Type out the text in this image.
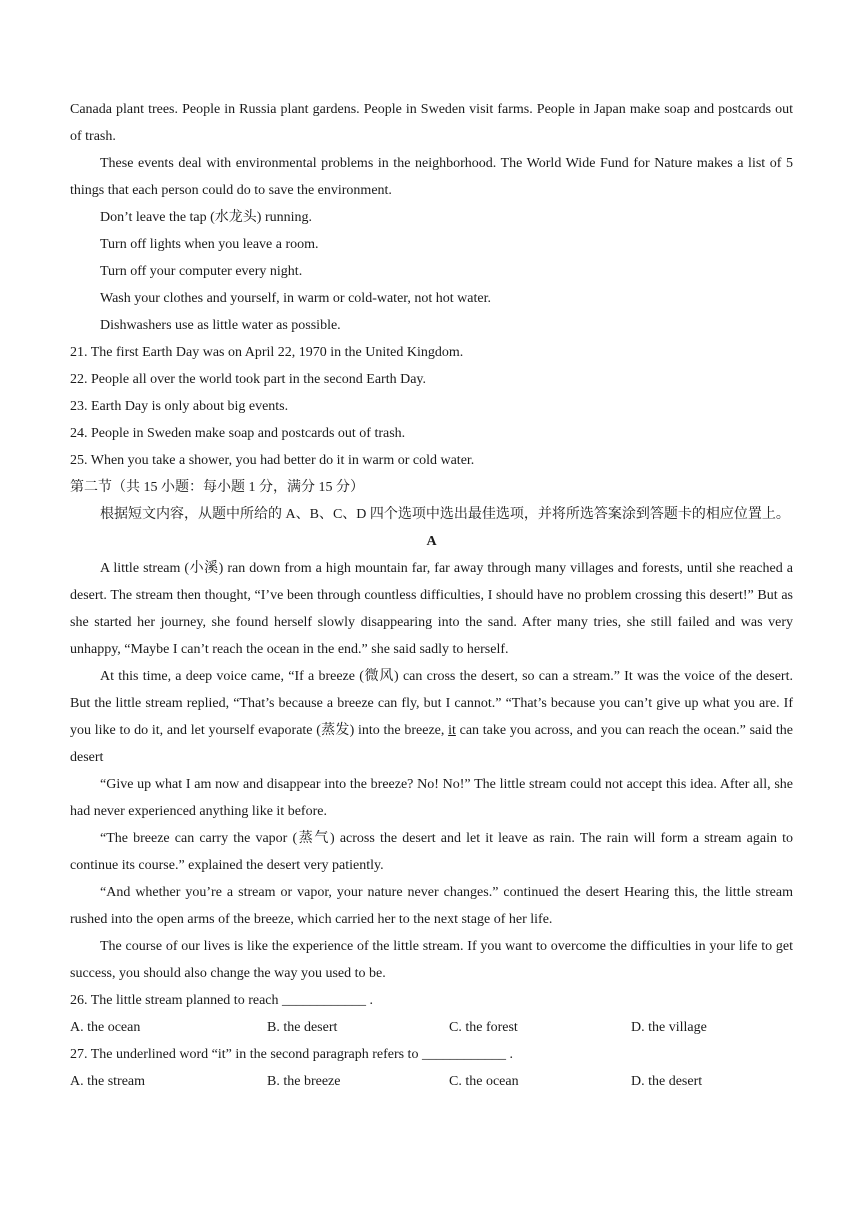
Canada plant trees. People in Russia plant gardens. People in Sweden visit farms. People in Japan make soap and postcards out of trash.

These events deal with environmental problems in the neighborhood. The World Wide Fund for Nature makes a list of 5 things that each person could do to save the environment.

Don’t leave the tap (水龙头) running.

Turn off lights when you leave a room.

Turn off your computer every night.

Wash your clothes and yourself, in warm or cold-water, not hot water.

Dishwashers use as little water as possible.

21. The first Earth Day was on April 22, 1970 in the United Kingdom.

22. People all over the world took part in the second Earth Day.

23. Earth Day is only about big events.

24. People in Sweden make soap and postcards out of trash.

25. When you take a shower, you had better do it in warm or cold water.

第二节（共 15 小题：每小题 1 分，满分 15 分）

根据短文内容，从题中所给的 A、B、C、D 四个选项中选出最佳选项，并将所选答案涂到答题卡的相应位置上。

A

A little stream (小溪) ran down from a high mountain far, far away through many villages and forests, until she reached a desert. The stream then thought, “I’ve been through countless difficulties, I should have no problem crossing this desert!” But as she started her journey, she found herself slowly disappearing into the sand. After many tries, she still failed and was very unhappy, “Maybe I can’t reach the ocean in the end.” she said sadly to herself.

At this time, a deep voice came, “If a breeze (微风) can cross the desert, so can a stream.” It was the voice of the desert. But the little stream replied, “That’s because a breeze can fly, but I cannot.” “That’s because you can’t give up what you are. If you like to do it, and let yourself evaporate (蒸发) into the breeze, it can take you across, and you can reach the ocean.” said the desert

“Give up what I am now and disappear into the breeze? No! No!” The little stream could not accept this idea. After all, she had never experienced anything like it before.

“The breeze can carry the vapor (蒸气) across the desert and let it leave as rain. The rain will form a stream again to continue its course.” explained the desert very patiently.

“And whether you’re a stream or vapor, your nature never changes.” continued the desert Hearing this, the little stream rushed into the open arms of the breeze, which carried her to the next stage of her life.

The course of our lives is like the experience of the little stream. If you want to overcome the difficulties in your life to get success, you should also change the way you used to be.

26. The little stream planned to reach ____________ .

A. the ocean	B. the desert	C. the forest	D. the village

27. The underlined word “it” in the second paragraph refers to ____________ .

A. the stream	B. the breeze	C. the ocean	D. the desert
